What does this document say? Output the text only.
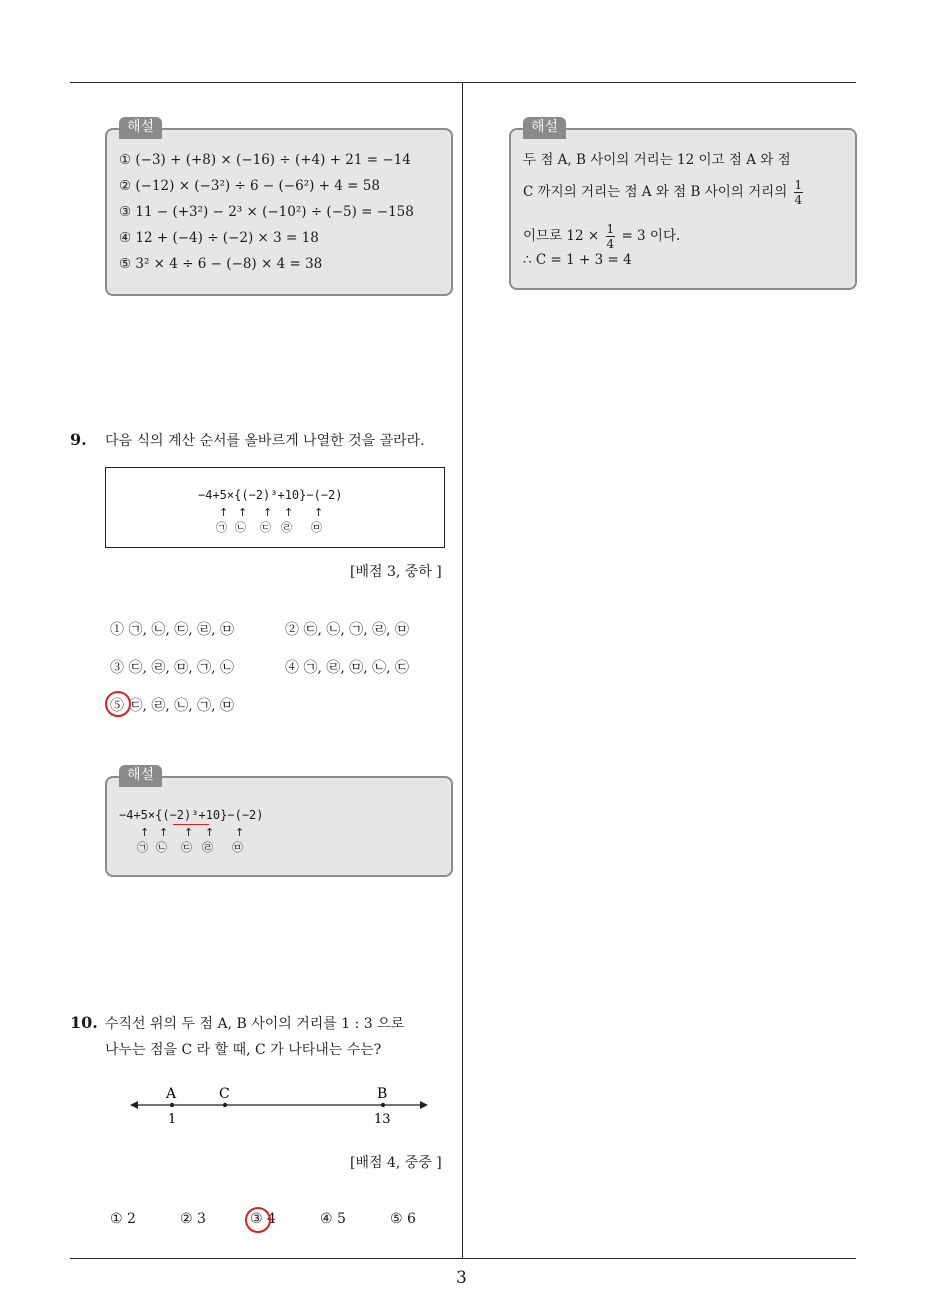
해설
① (−3) + (+8) × (−16) ÷ (+4) + 21 = −14
② (−12) × (−3²) ÷ 6 − (−6²) + 4 = 58
③ 11 − (+3²) − 2³ × (−10²) ÷ (−5) = −158
④ 12 + (−4) ÷ (−2) × 3 = 18
⑤ 3² × 4 ÷ 6 − (−8) × 4 = 38
해설
두 점 A, B 사이의 거리는 12 이고 점 A 와 점
C 까지의 거리는 점 A 와 점 B 사이의 거리의 $\frac{1}{4}$
이므로 $12 \times \frac{1}{4} = 3$ 이다.
∴ C = 1 + 3 = 4
9. 다음 식의 계산 순서를 올바르게 나열한 것을 골라라.
−4+5×{(−2)³+10}−(−2)
↑ ↑ ↑ ↑ ↑
㉠ ㉡ ㉢ ㉣ ㉤
[배점 3, 중하 ]
① ㉠, ㉡, ㉢, ㉣, ㉤	② ㉢, ㉡, ㉠, ㉣, ㉤
③ ㉢, ㉣, ㉤, ㉠, ㉡	④ ㉠, ㉣, ㉤, ㉡, ㉢
⑤ ㉢, ㉣, ㉡, ㉠, ㉤
해설
−4+5×{(−2)³+10}−(−2)
↑ ↑ ↑ ↑ ↑
㉠ ㉡ ㉢ ㉣ ㉤
10. 수직선 위의 두 점 A, B 사이의 거리를 1 : 3 으로
나누는 점을 C 라 할 때, C 가 나타내는 수는?
A	C	B
1	13
[배점 4, 중중 ]
① 2	② 3	③ 4	④ 5	⑤ 6
3
